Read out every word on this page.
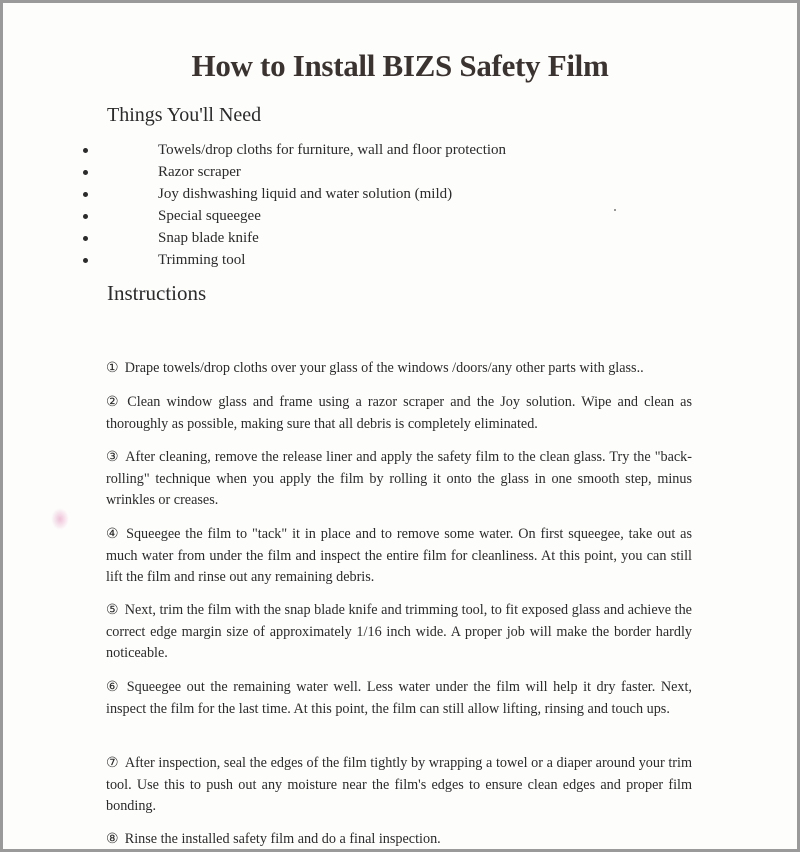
How to Install BIZS Safety Film
Things You'll Need
Towels/drop cloths for furniture, wall and floor protection
Razor scraper
Joy dishwashing liquid and water solution (mild)
Special squeegee
Snap blade knife
Trimming tool
Instructions
① Drape towels/drop cloths over your glass of the windows /doors/any other parts with glass..
② Clean window glass and frame using a razor scraper and the Joy solution. Wipe and clean as thoroughly as possible, making sure that all debris is completely eliminated.
③ After cleaning, remove the release liner and apply the safety film to the clean glass. Try the "back-rolling" technique when you apply the film by rolling it onto the glass in one smooth step, minus wrinkles or creases.
④ Squeegee the film to "tack" it in place and to remove some water. On first squeegee, take out as much water from under the film and inspect the entire film for cleanliness. At this point, you can still lift the film and rinse out any remaining debris.
⑤ Next, trim the film with the snap blade knife and trimming tool, to fit exposed glass and achieve the correct edge margin size of approximately 1/16 inch wide. A proper job will make the border hardly noticeable.
⑥ Squeegee out the remaining water well. Less water under the film will help it dry faster. Next, inspect the film for the last time. At this point, the film can still allow lifting, rinsing and touch ups.
⑦ After inspection, seal the edges of the film tightly by wrapping a towel or a diaper around your trim tool. Use this to push out any moisture near the film's edges to ensure clean edges and proper film bonding.
⑧ Rinse the installed safety film and do a final inspection.
